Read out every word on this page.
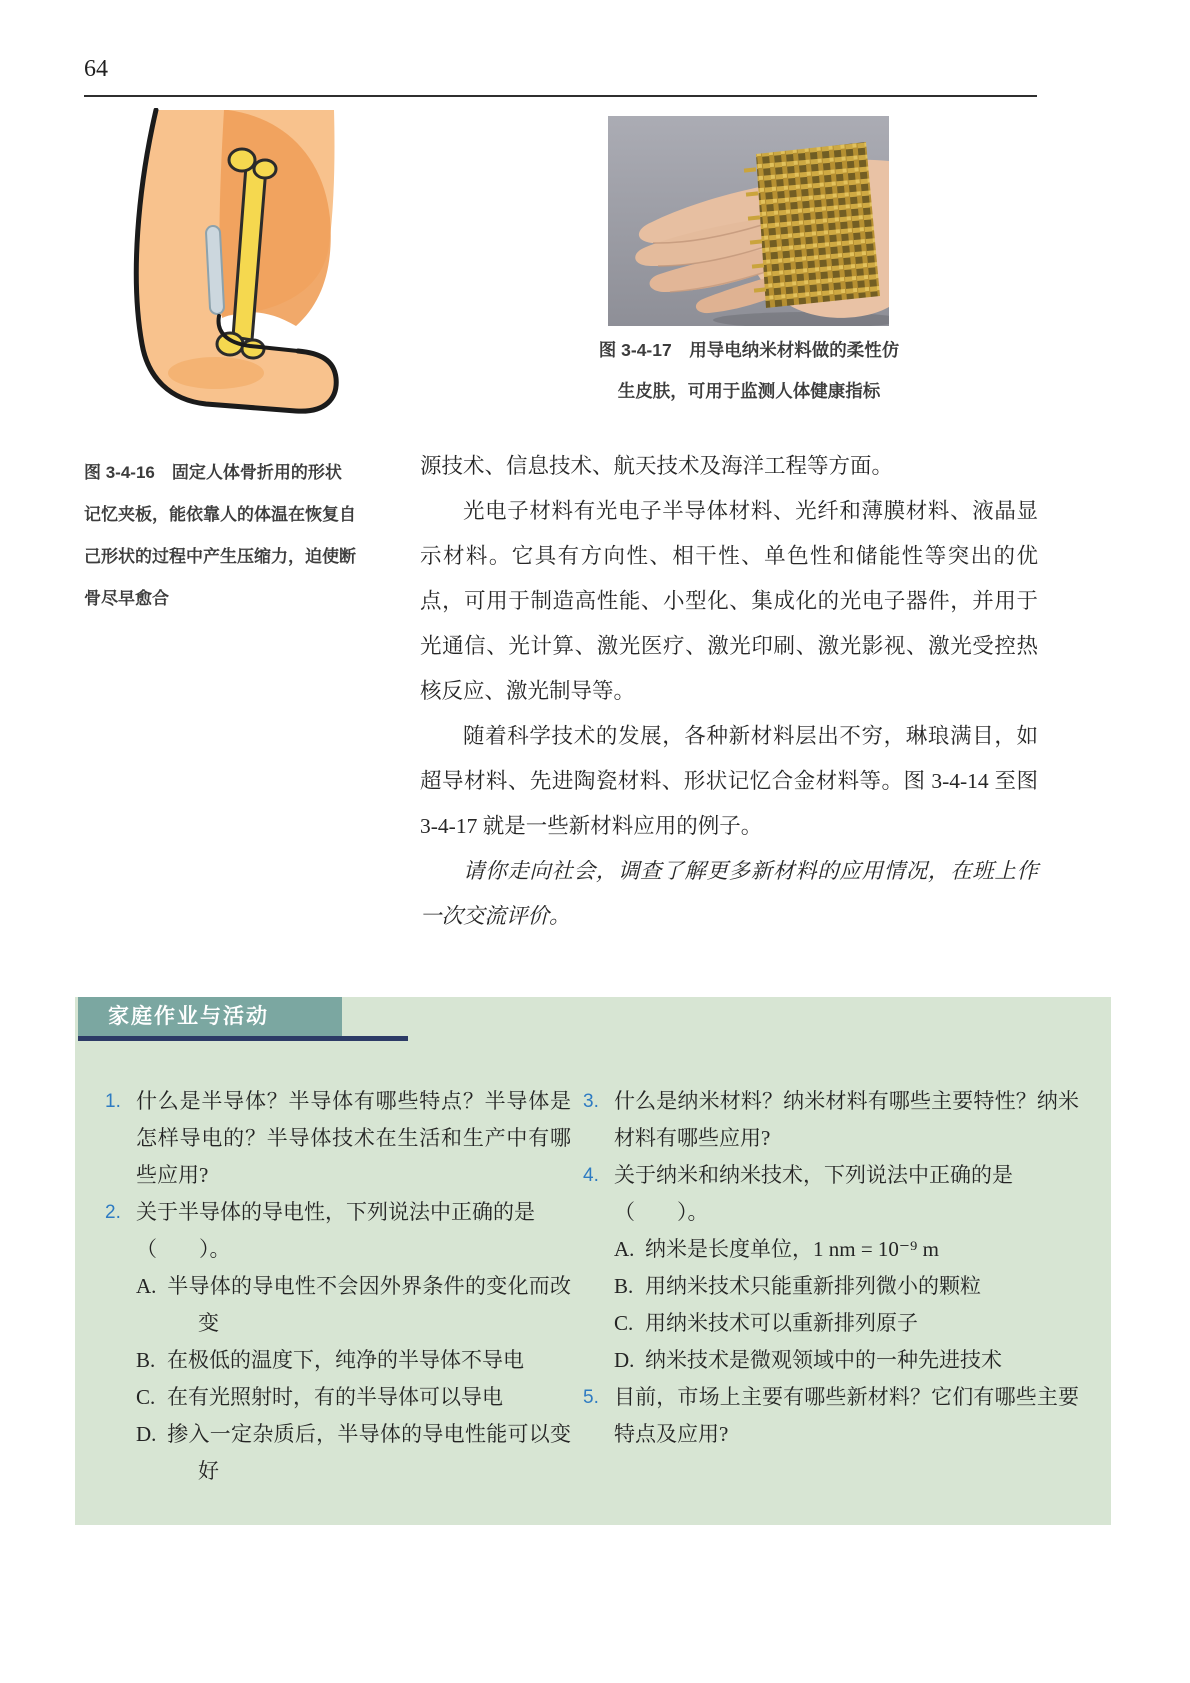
64
图 3-4-16　固定人体骨折用的形状
记忆夹板，能依靠人的体温在恢复自
己形状的过程中产生压缩力，迫使断
骨尽早愈合
图 3-4-17　用导电纳米材料做的柔性仿
生皮肤，可用于监测人体健康指标

源技术、信息技术、航天技术及海洋工程等方面。

光电子材料有光电子半导体材料、光纤和薄膜材料、液晶显示材料。它具有方向性、相干性、单色性和储能性等突出的优点，可用于制造高性能、小型化、集成化的光电子器件，并用于光通信、光计算、激光医疗、激光印刷、激光影视、激光受控热核反应、激光制导等。

随着科学技术的发展，各种新材料层出不穷，琳琅满目，如超导材料、先进陶瓷材料、形状记忆合金材料等。图 3-4-14 至图 3-4-17 就是一些新材料应用的例子。

请你走向社会，调查了解更多新材料的应用情况，在班上作一次交流评价。

家庭作业与活动
1. 什么是半导体？半导体有哪些特点？半导体是怎样导电的？半导体技术在生活和生产中有哪些应用?
2. 关于半导体的导电性，下列说法中正确的是
（　　）。
A. 半导体的导电性不会因外界条件的变化而改变
B. 在极低的温度下，纯净的半导体不导电
C. 在有光照射时，有的半导体可以导电
D. 掺入一定杂质后，半导体的导电性能可以变好
3. 什么是纳米材料？纳米材料有哪些主要特性？纳米材料有哪些应用?
4. 关于纳米和纳米技术，下列说法中正确的是
（　　）。
A. 纳米是长度单位，1 nm = 10⁻⁹ m
B. 用纳米技术只能重新排列微小的颗粒
C. 用纳米技术可以重新排列原子
D. 纳米技术是微观领域中的一种先进技术
5. 目前，市场上主要有哪些新材料？它们有哪些主要特点及应用?
